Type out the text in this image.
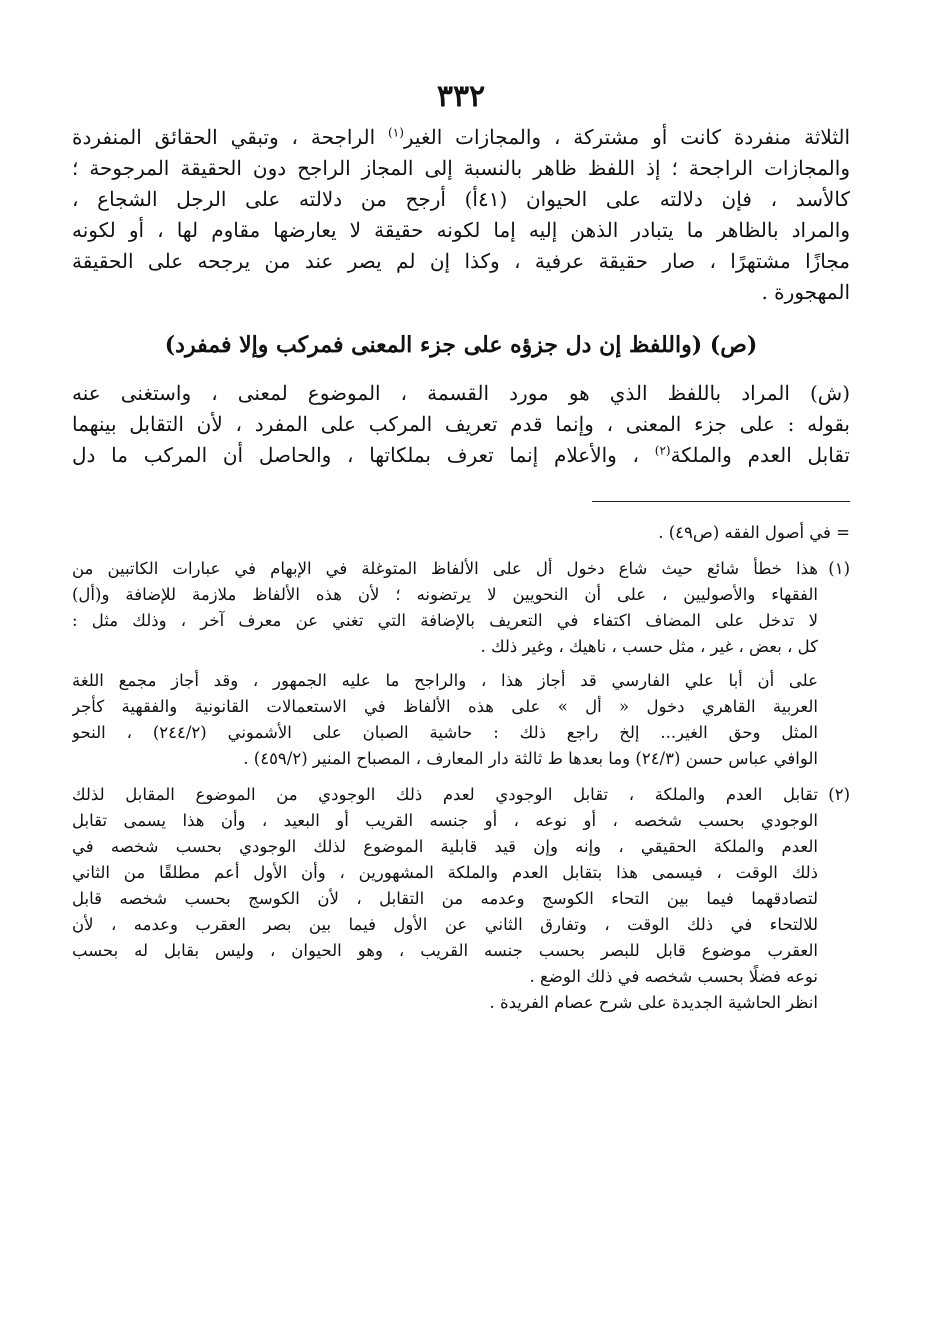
٣٣٢

الثلاثة منفردة كانت أو مشتركة ، والمجازات الغير$^{(١)}$ الراجحة ، وتبقي الحقائق المنفردة

والمجازات الراجحة ؛ إذ اللفظ ظاهر بالنسبة إلى المجاز الراجح دون الحقيقة المرجوحة ؛

كالأسد ، فإن دلالته على الحيوان (٤١أ) أرجح من دلالته على الرجل الشجاع ،

والمراد بالظاهر ما يتبادر الذهن إليه إما لكونه حقيقة لا يعارضها مقاوم لها ، أو لكونه

مجازًا مشتهرًا ، صار حقيقة عرفية ، وكذا إن لم يصر عند من يرجحه على الحقيقة

المهجورة .

(ص) (واللفظ إن دل جزؤه على جزء المعنى فمركب وإلا فمفرد)

(ش) المراد باللفظ الذي هو مورد القسمة ، الموضوع لمعنى ، واستغنى عنه

بقوله : على جزء المعنى ، وإنما قدم تعريف المركب على المفرد ، لأن التقابل بينهما

تقابل العدم والملكة$^{(٢)}$ ، والأعلام إنما تعرف بملكاتها ، والحاصل أن المركب ما دل

= في أصول الفقه (ص٤٩) .

(١)هذا خطأ شائع حيث شاع دخول أل على الألفاظ المتوغلة في الإبهام في عبارات الكاتبين من

الفقهاء والأصوليين ، على أن النحويين لا يرتضونه ؛ لأن هذه الألفاظ ملازمة للإضافة و(أل)

لا تدخل على المضاف اكتفاء في التعريف بالإضافة التي تغني عن معرف آخر ، وذلك مثل :

كل ، بعض ، غير ، مثل حسب ، ناهيك ، وغير ذلك .

على أن أبا علي الفارسي قد أجاز هذا ، والراجح ما عليه الجمهور ، وقد أجاز مجمع اللغة

العربية القاهري دخول « أل » على هذه الألفاظ في الاستعمالات القانونية والفقهية كأجر

المثل وحق الغير... إلخ راجع ذلك : حاشية الصبان على الأشموني (٢٤٤/٢) ، النحو

الوافي عباس حسن (٢٤/٣) وما بعدها ط ثالثة دار المعارف ، المصباح المنير (٤٥٩/٢) .

(٢)تقابل العدم والملكة ، تقابل الوجودي لعدم ذلك الوجودي من الموضوع المقابل لذلك

الوجودي بحسب شخصه ، أو نوعه ، أو جنسه القريب أو البعيد ، وأن هذا يسمى تقابل

العدم والملكة الحقيقي ، وإنه وإن قيد قابلية الموضوع لذلك الوجودي بحسب شخصه في

ذلك الوقت ، فيسمى هذا بتقابل العدم والملكة المشهورين ، وأن الأول أعم مطلقًا من الثاني

لتصادقهما فيما بين التحاء الكوسج وعدمه من التقابل ، لأن الكوسج بحسب شخصه قابل

للالتحاء في ذلك الوقت ، وتفارق الثاني عن الأول فيما بين بصر العقرب وعدمه ، لأن

العقرب موضوع قابل للبصر بحسب جنسه القريب ، وهو الحيوان ، وليس بقابل له بحسب

نوعه فضلًا بحسب شخصه في ذلك الوضع .

انظر الحاشية الجديدة على شرح عصام الفريدة .
